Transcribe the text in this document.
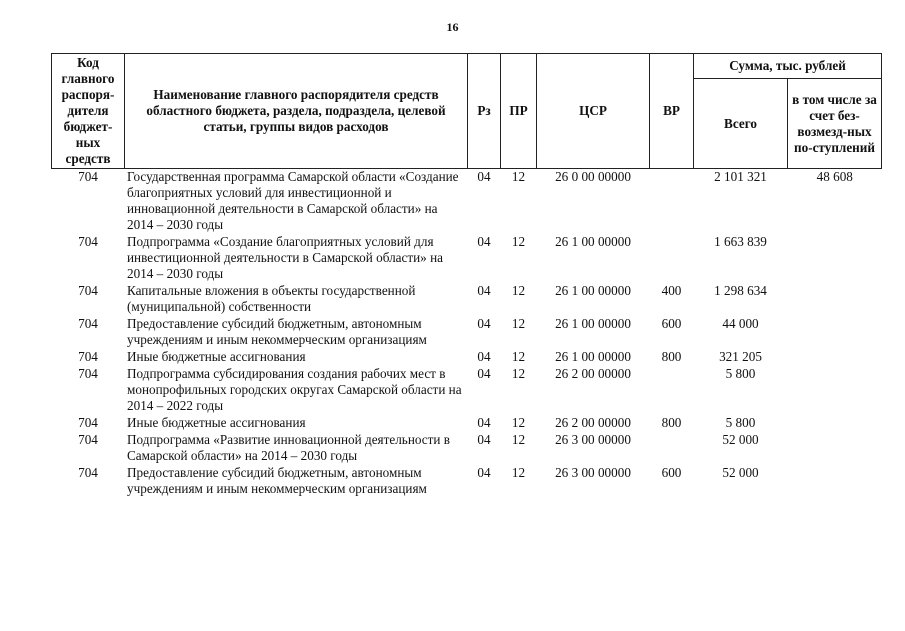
16
Код главного распоря-дителя бюджет-ных средств	Наименование главного распорядителя средств областного бюджета, раздела, подраздела, целевой статьи, группы видов расходов	Рз	ПР	ЦСР	ВР	Сумма, тыс. рублей	
						Всего	в том числе за счет без-возмезд-ных по-ступлений
704	Государственная программа Самарской области «Создание благоприятных условий для инвестиционной и инновационной деятельности в Самарской области» на 2014 – 2030 годы	04	12	26 0 00 00000		2 101 321	48 608
704	Подпрограмма «Создание благоприятных условий для инвестиционной деятельности в Самарской области» на 2014 – 2030 годы	04	12	26 1 00 00000		1 663 839	
704	Капитальные вложения в объекты государственной (муниципальной) собственности	04	12	26 1 00 00000	400	1 298 634	
704	Предоставление субсидий бюджетным, автономным учреждениям и иным некоммерческим организациям	04	12	26 1 00 00000	600	44 000	
704	Иные бюджетные ассигнования	04	12	26 1 00 00000	800	321 205	
704	Подпрограмма субсидирования создания рабочих мест в монопрофильных городских округах Самарской области на 2014 – 2022 годы	04	12	26 2 00 00000		5 800	
704	Иные бюджетные ассигнования	04	12	26 2 00 00000	800	5 800	
704	Подпрограмма «Развитие инновационной деятельности в Самарской области» на 2014 – 2030 годы	04	12	26 3 00 00000		52 000	
704	Предоставление субсидий бюджетным, автономным учреждениям и иным некоммерческим организациям	04	12	26 3 00 00000	600	52 000	
